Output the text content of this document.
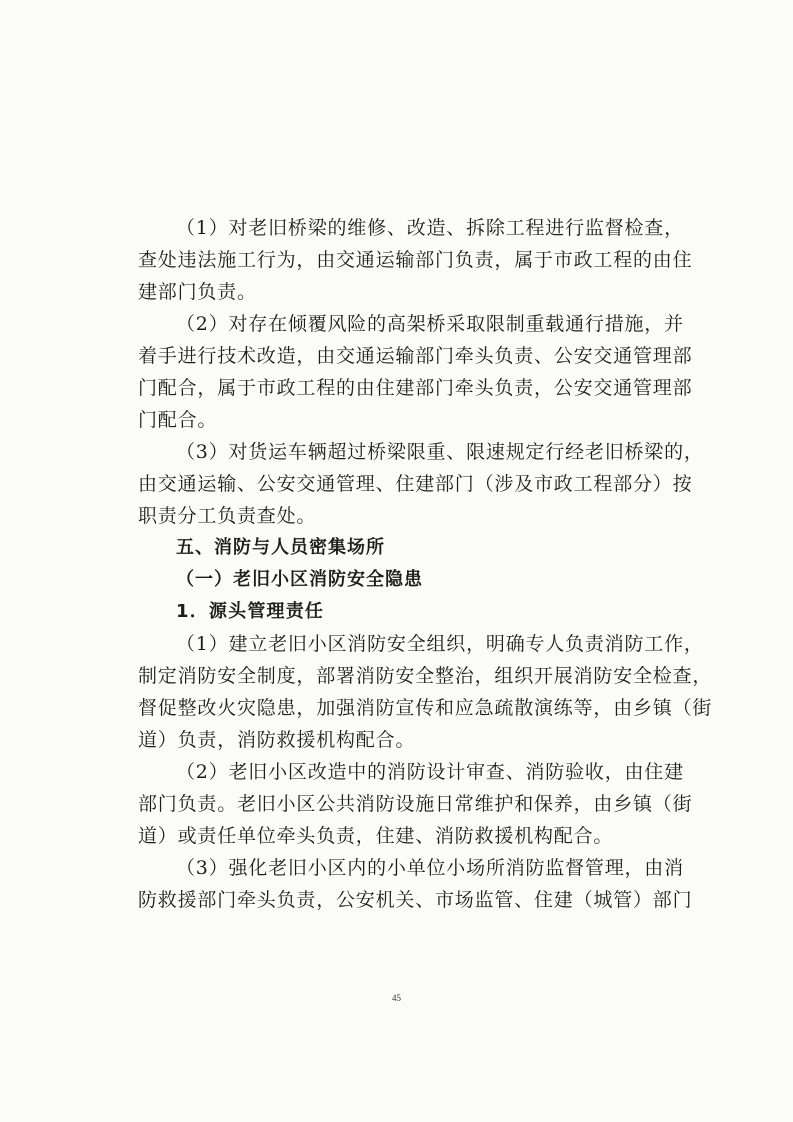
（1）对老旧桥梁的维修、改造、拆除工程进行监督检查，
查处违法施工行为，由交通运输部门负责，属于市政工程的由住
建部门负责。
（2）对存在倾覆风险的高架桥采取限制重载通行措施，并
着手进行技术改造，由交通运输部门牵头负责、公安交通管理部
门配合，属于市政工程的由住建部门牵头负责，公安交通管理部
门配合。
（3）对货运车辆超过桥梁限重、限速规定行经老旧桥梁的，
由交通运输、公安交通管理、住建部门（涉及市政工程部分）按
职责分工负责查处。
五、消防与人员密集场所
（一）老旧小区消防安全隐患
1．源头管理责任
（1）建立老旧小区消防安全组织，明确专人负责消防工作，
制定消防安全制度，部署消防安全整治，组织开展消防安全检查，
督促整改火灾隐患，加强消防宣传和应急疏散演练等，由乡镇（街
道）负责，消防救援机构配合。
（2）老旧小区改造中的消防设计审查、消防验收，由住建
部门负责。老旧小区公共消防设施日常维护和保养，由乡镇（街
道）或责任单位牵头负责，住建、消防救援机构配合。
（3）强化老旧小区内的小单位小场所消防监督管理，由消
防救援部门牵头负责，公安机关、市场监管、住建（城管）部门
45
